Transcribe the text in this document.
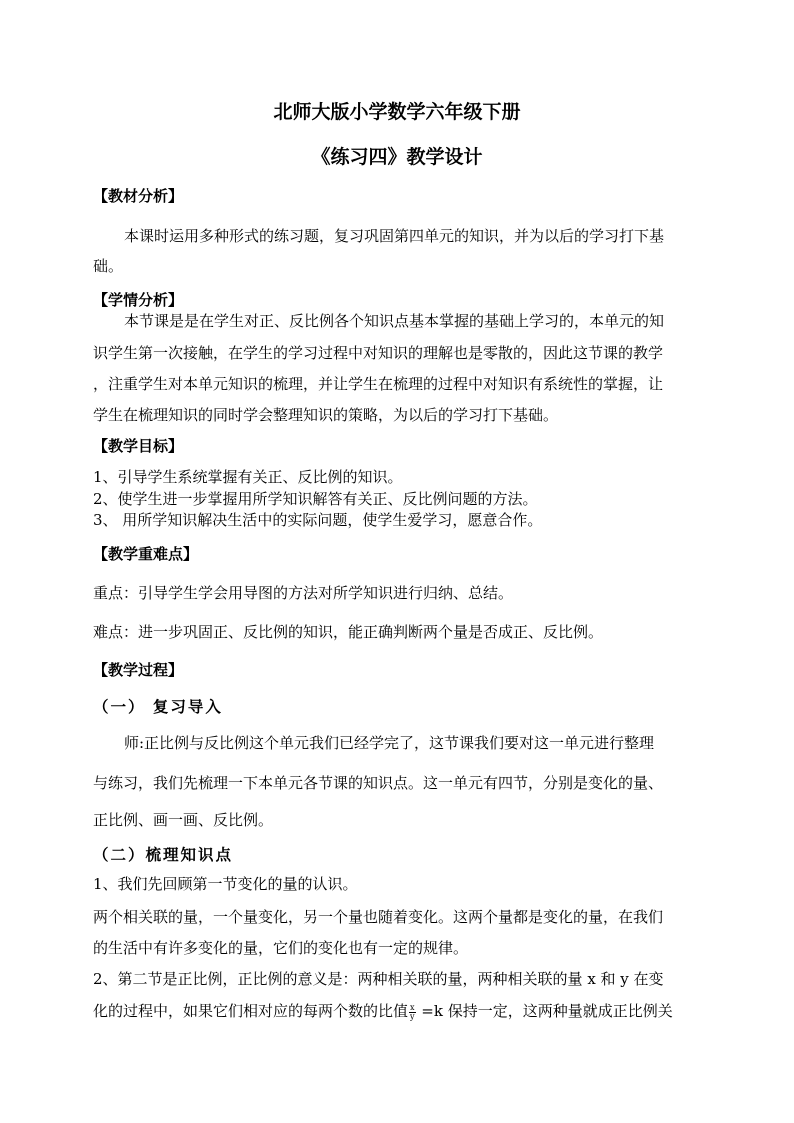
北师大版小学数学六年级下册
《练习四》教学设计
【教材分析】
本课时运用多种形式的练习题，复习巩固第四单元的知识，并为以后的学习打下基
础。
【学情分析】
本节课是是在学生对正、反比例各个知识点基本掌握的基础上学习的，本单元的知
识学生第一次接触，在学生的学习过程中对知识的理解也是零散的，因此这节课的教学
，注重学生对本单元知识的梳理，并让学生在梳理的过程中对知识有系统性的掌握，让
学生在梳理知识的同时学会整理知识的策略，为以后的学习打下基础。
【教学目标】
1、引导学生系统掌握有关正、反比例的知识。
2、使学生进一步掌握用所学知识解答有关正、反比例问题的方法。
3、 用所学知识解决生活中的实际问题，使学生爱学习，愿意合作。
【教学重难点】
重点：引导学生学会用导图的方法对所学知识进行归纳、总结。
难点：进一步巩固正、反比例的知识，能正确判断两个量是否成正、反比例。
【教学过程】
（一） 复习导入
师:正比例与反比例这个单元我们已经学完了，这节课我们要对这一单元进行整理
与练习，我们先梳理一下本单元各节课的知识点。这一单元有四节，分别是变化的量、
正比例、画一画、反比例。
（二）梳理知识点
1、我们先回顾第一节变化的量的认识。
两个相关联的量，一个量变化，另一个量也随着变化。这两个量都是变化的量，在我们
的生活中有许多变化的量，它们的变化也有一定的规律。
2、第二节是正比例，正比例的意义是：两种相关联的量，两种相关联的量 x 和 y 在变
化的过程中，如果它们相对应的每两个数的比值 $\frac{x}{y} =k$ 保持一定，这两种量就成正比例关
